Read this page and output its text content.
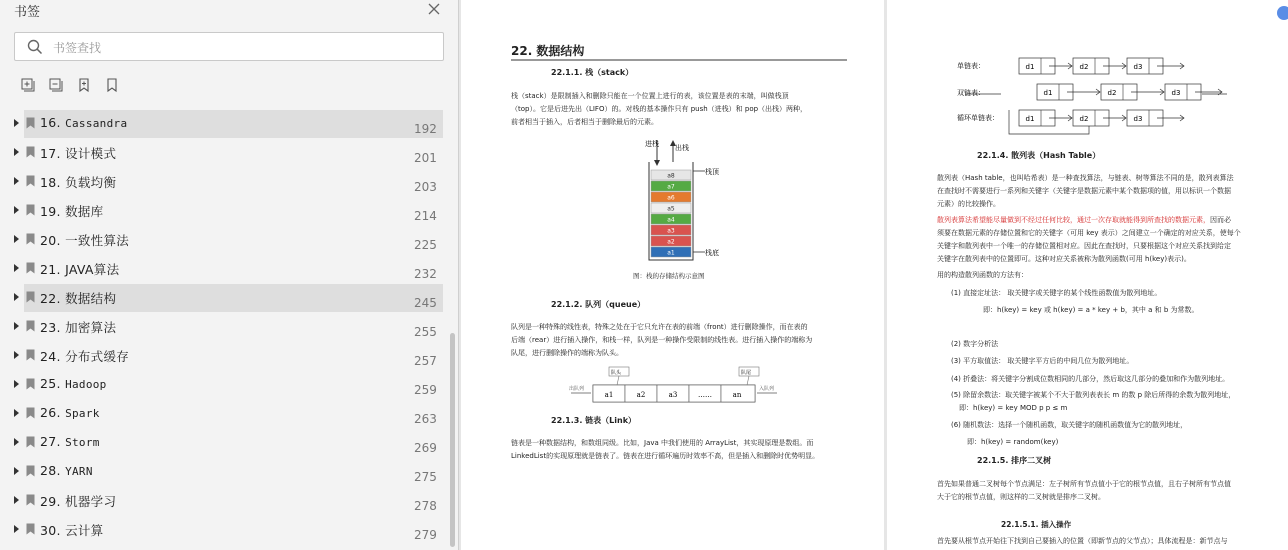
书签
书签查找
16. Cassandra	192
17. 设计模式	201
18. 负载均衡	203
19. 数据库	214
20. 一致性算法	225
21. JAVA算法	232
22. 数据结构	245
23. 加密算法	255
24. 分布式缓存	257
25. Hadoop	259
26. Spark	263
27. Storm	269
28. YARN	275
29. 机器学习	278
30. 云计算	279
22. 数据结构
22.1.1. 栈（stack）
栈（stack）是限制插入和删除只能在一个位置上进行的表，该位置是表的末端，叫做栈顶
（top）。它是后进先出（LIFO）的。对栈的基本操作只有 push（进栈）和 pop（出栈）两种，
前者相当于插入，后者相当于删除最后的元素。
a8
a7
a6
a5
a4
a3
a2
a1
进栈 出栈
栈顶
栈底
图：栈的存储结构示意图
22.1.2. 队列（queue）
队列是一种特殊的线性表，特殊之处在于它只允许在表的前端（front）进行删除操作，而在表的
后端（rear）进行插入操作，和栈一样，队列是一种操作受限制的线性表。进行插入操作的端称为
队尾，进行删除操作的端称为队头。
a1	a2	a3	……	an
队头	队尾
出队列	入队列
22.1.3. 链表（Link）
链表是一种数据结构，和数组同级。比如，Java 中我们使用的 ArrayList，其实现原理是数组。而
LinkedList的实现原理就是链表了。链表在进行循环遍历时效率不高，但是插入和删除时优势明显。
单链表：
双链表：
循环单链表：
d1	d2	d3
d1	d2	d3
d1	d2	d3
22.1.4. 散列表（Hash Table）
散列表（Hash table，也叫哈希表）是一种查找算法，与链表、树等算法不同的是，散列表算法
在查找时不需要进行一系列和关键字（关键字是数据元素中某个数据项的值，用以标识一个数据
元素）的比较操作。
散列表算法希望能尽量做到不经过任何比较，通过一次存取就能得到所查找的数据元素，因而必
须要在数据元素的存储位置和它的关键字（可用 key 表示）之间建立一个确定的对应关系，使每个
关键字和散列表中一个唯一的存储位置相对应。因此在查找时，只要根据这个对应关系找到给定
关键字在散列表中的位置即可。这种对应关系被称为散列函数(可用 h(key)表示)。
用的构造散列函数的方法有：
(1) 直接定址法： 取关键字或关键字的某个线性函数值为散列地址。
即：h(key) = key 或 h(key) = a * key + b，其中 a 和 b 为常数。
(2) 数字分析法
(3) 平方取值法： 取关键字平方后的中间几位为散列地址。
(4) 折叠法：将关键字分割成位数相同的几部分，然后取这几部分的叠加和作为散列地址。
(5) 除留余数法：取关键字被某个不大于散列表表长 m 的数 p 除后所得的余数为散列地址，
即：h(key) = key MOD p p ≤ m
(6) 随机数法：选择一个随机函数，取关键字的随机函数值为它的散列地址，
即：h(key) = random(key)
22.1.5. 排序二叉树
首先如果普通二叉树每个节点满足：左子树所有节点值小于它的根节点值，且右子树所有节点值
大于它的根节点值，则这样的二叉树就是排序二叉树。
22.1.5.1. 插入操作
首先要从根节点开始往下找到自己要插入的位置（即新节点的父节点）；具体流程是：新节点与
